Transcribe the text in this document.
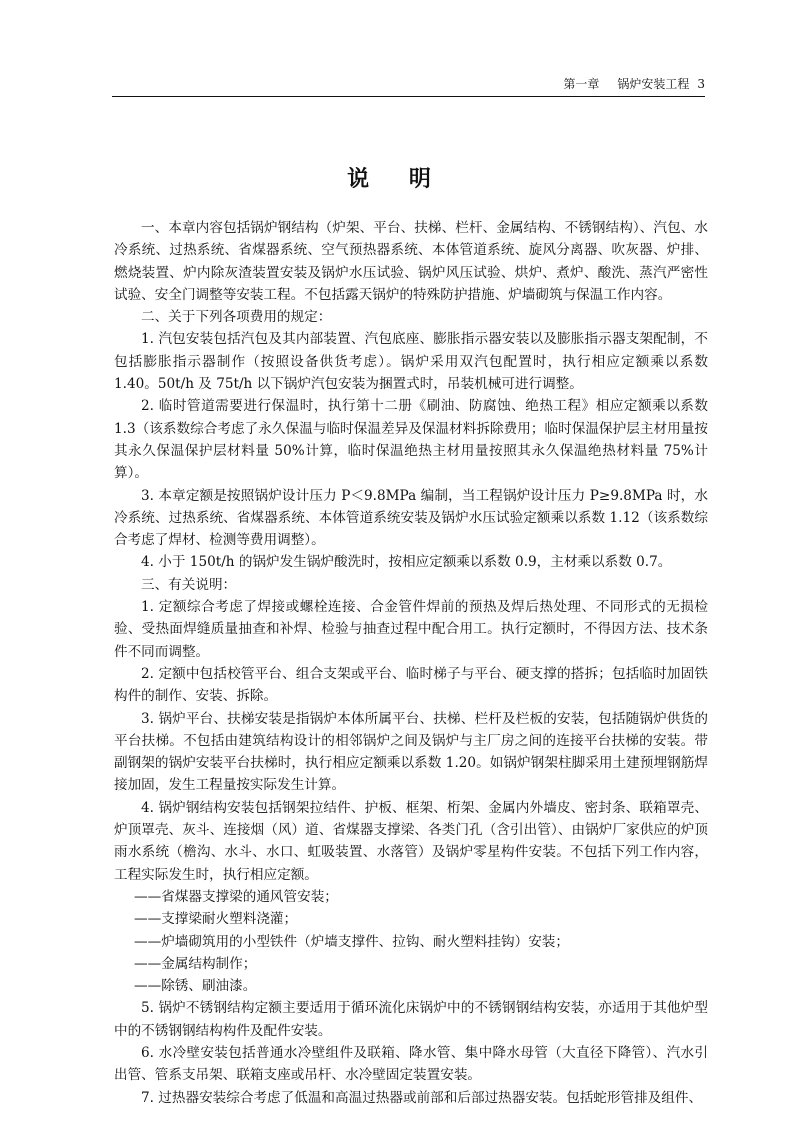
第一章 锅炉安装工程 3
说 明

一、本章内容包括锅炉钢结构（炉架、平台、扶梯、栏杆、金属结构、不锈钢结构）、汽包、水冷系统、过热系统、省煤器系统、空气预热器系统、本体管道系统、旋风分离器、吹灰器、炉排、燃烧装置、炉内除灰渣装置安装及锅炉水压试验、锅炉风压试验、烘炉、煮炉、酸洗、蒸汽严密性试验、安全门调整等安装工程。不包括露天锅炉的特殊防护措施、炉墙砌筑与保温工作内容。

二、关于下列各项费用的规定：

1. 汽包安装包括汽包及其内部装置、汽包底座、膨胀指示器安装以及膨胀指示器支架配制，不包括膨胀指示器制作（按照设备供货考虑）。锅炉采用双汽包配置时，执行相应定额乘以系数 1.40。50t/h 及 75t/h 以下锅炉汽包安装为捆置式时，吊装机械可进行调整。

2. 临时管道需要进行保温时，执行第十二册《刷油、防腐蚀、绝热工程》相应定额乘以系数 1.3（该系数综合考虑了永久保温与临时保温差异及保温材料拆除费用；临时保温保护层主材用量按其永久保温保护层材料量 50%计算，临时保温绝热主材用量按照其永久保温绝热材料量 75%计算）。

3. 本章定额是按照锅炉设计压力 P＜9.8MPa 编制，当工程锅炉设计压力 P≥9.8MPa 时，水冷系统、过热系统、省煤器系统、本体管道系统安装及锅炉水压试验定额乘以系数 1.12（该系数综合考虑了焊材、检测等费用调整）。

4. 小于 150t/h 的锅炉发生锅炉酸洗时，按相应定额乘以系数 0.9，主材乘以系数 0.7。

三、有关说明：

1. 定额综合考虑了焊接或螺栓连接、合金管件焊前的预热及焊后热处理、不同形式的无损检验、受热面焊缝质量抽查和补焊、检验与抽查过程中配合用工。执行定额时，不得因方法、技术条件不同而调整。

2. 定额中包括校管平台、组合支架或平台、临时梯子与平台、硬支撑的搭拆；包括临时加固铁构件的制作、安装、拆除。

3. 锅炉平台、扶梯安装是指锅炉本体所属平台、扶梯、栏杆及栏板的安装，包括随锅炉供货的平台扶梯。不包括由建筑结构设计的相邻锅炉之间及锅炉与主厂房之间的连接平台扶梯的安装。带副钢架的锅炉安装平台扶梯时，执行相应定额乘以系数 1.20。如锅炉钢架柱脚采用土建预埋钢筋焊接加固，发生工程量按实际发生计算。

4. 锅炉钢结构安装包括钢架拉结件、护板、框架、桁架、金属内外墙皮、密封条、联箱罩壳、炉顶罩壳、灰斗、连接烟（风）道、省煤器支撑梁、各类门孔（含引出管）、由锅炉厂家供应的炉顶雨水系统（檐沟、水斗、水口、虹吸装置、水落管）及锅炉零星构件安装。不包括下列工作内容，工程实际发生时，执行相应定额。

——省煤器支撑梁的通风管安装；

——支撑梁耐火塑料浇灌；

——炉墙砌筑用的小型铁件（炉墙支撑件、拉钩、耐火塑料挂钩）安装；

——金属结构制作；

——除锈、刷油漆。

5. 锅炉不锈钢结构定额主要适用于循环流化床锅炉中的不锈钢钢结构安装，亦适用于其他炉型中的不锈钢钢结构构件及配件安装。

6. 水冷壁安装包括普通水冷壁组件及联箱、降水管、集中降水母管（大直径下降管）、汽水引出管、管系支吊架、联箱支座或吊杆、水冷壁固定装置安装。

7. 过热器安装综合考虑了低温和高温过热器或前部和后部过热器安装。包括蛇形管排及组件、
